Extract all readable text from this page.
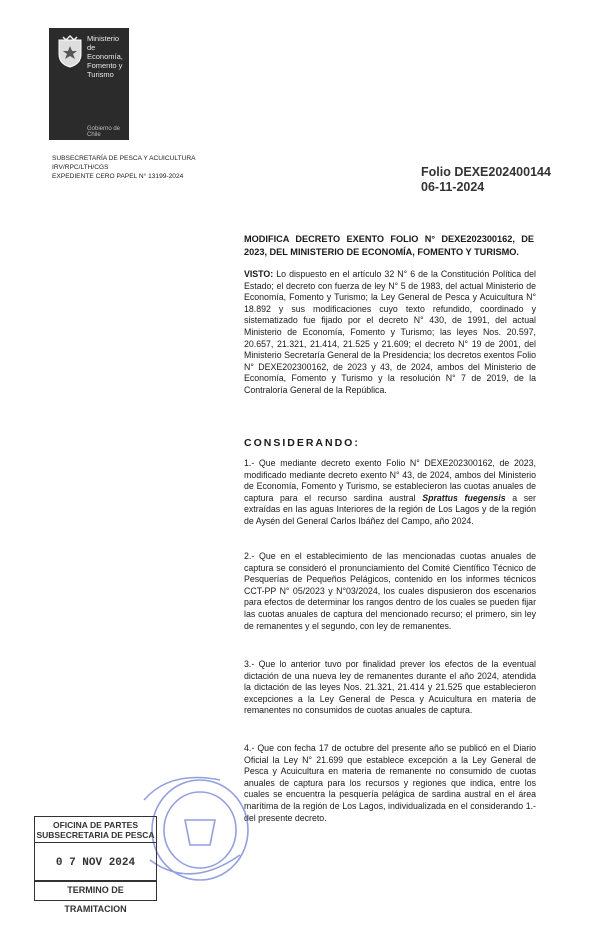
Ministerio de
Economía,
Fomento y
Turismo
Gobierno de Chile
SUBSECRETARÍA DE PESCA Y ACUICULTURA
IRV/RPC/LTH/CGS
EXPEDIENTE CERO PAPEL N° 13199-2024	Folio DEXE202400144
06-11-2024
MODIFICA DECRETO EXENTO FOLIO N° DEXE202300162, DE 2023, DEL MINISTERIO DE ECONOMÍA, FOMENTO Y TURISMO.
VISTO: Lo dispuesto en el artículo 32 N° 6 de la Constitución Política del Estado; el decreto con fuerza de ley N° 5 de 1983, del actual Ministerio de Economía, Fomento y Turismo; la Ley General de Pesca y Acuicultura N° 18.892 y sus modificaciones cuyo texto refundido, coordinado y sistematizado fue fijado por el decreto N° 430, de 1991, del actual Ministerio de Economía, Fomento y Turismo; las leyes Nos. 20.597, 20.657, 21.321, 21.414, 21.525 y 21.609; el decreto N° 19 de 2001, del Ministerio Secretaría General de la Presidencia; los decretos exentos Folio N° DEXE202300162, de 2023 y 43, de 2024, ambos del Ministerio de Economía, Fomento y Turismo y la resolución N° 7 de 2019, de la Contraloría General de la República.
CONSIDERANDO:
1.- Que mediante decreto exento Folio N° DEXE202300162, de 2023, modificado mediante decreto exento N° 43, de 2024, ambos del Ministerio de Economía, Fomento y Turismo, se establecieron las cuotas anuales de captura para el recurso sardina austral Sprattus fuegensis a ser extraídas en las aguas Interiores de la región de Los Lagos y de la región de Aysén del General Carlos Ibáñez del Campo, año 2024.
2.- Que en el establecimiento de las mencionadas cuotas anuales de captura se consideró el pronunciamiento del Comité Científico Técnico de Pesquerías de Pequeños Pelágicos, contenido en los informes técnicos CCT-PP N° 05/2023 y N°03/2024, los cuales dispusieron dos escenarios para efectos de determinar los rangos dentro de los cuales se pueden fijar las cuotas anuales de captura del mencionado recurso; el primero, sin ley de remanentes y el segundo, con ley de remanentes.
3.- Que lo anterior tuvo por finalidad prever los efectos de la eventual dictación de una nueva ley de remanentes durante el año 2024, atendida la dictación de las leyes Nos. 21.321, 21.414 y 21.525 que establecieron excepciones a la Ley General de Pesca y Acuicultura en materia de remanentes no consumidos de cuotas anuales de captura.
4.- Que con fecha 17 de octubre del presente año se publicó en el Diario Oficial la Ley N° 21.699 que establece excepción a la Ley General de Pesca y Acuicultura en materia de remanente no consumido de cuotas anuales de captura para los recursos y regiones que indica, entre los cuales se encuentra la pesquería pelágica de sardina austral en el área marítima de la región de Los Lagos, individualizada en el considerando 1.- del presente decreto.
OFICINA DE PARTES
SUBSECRETARIA DE PESCA
0 7 NOV 2024
TERMINO DE TRAMITACION
